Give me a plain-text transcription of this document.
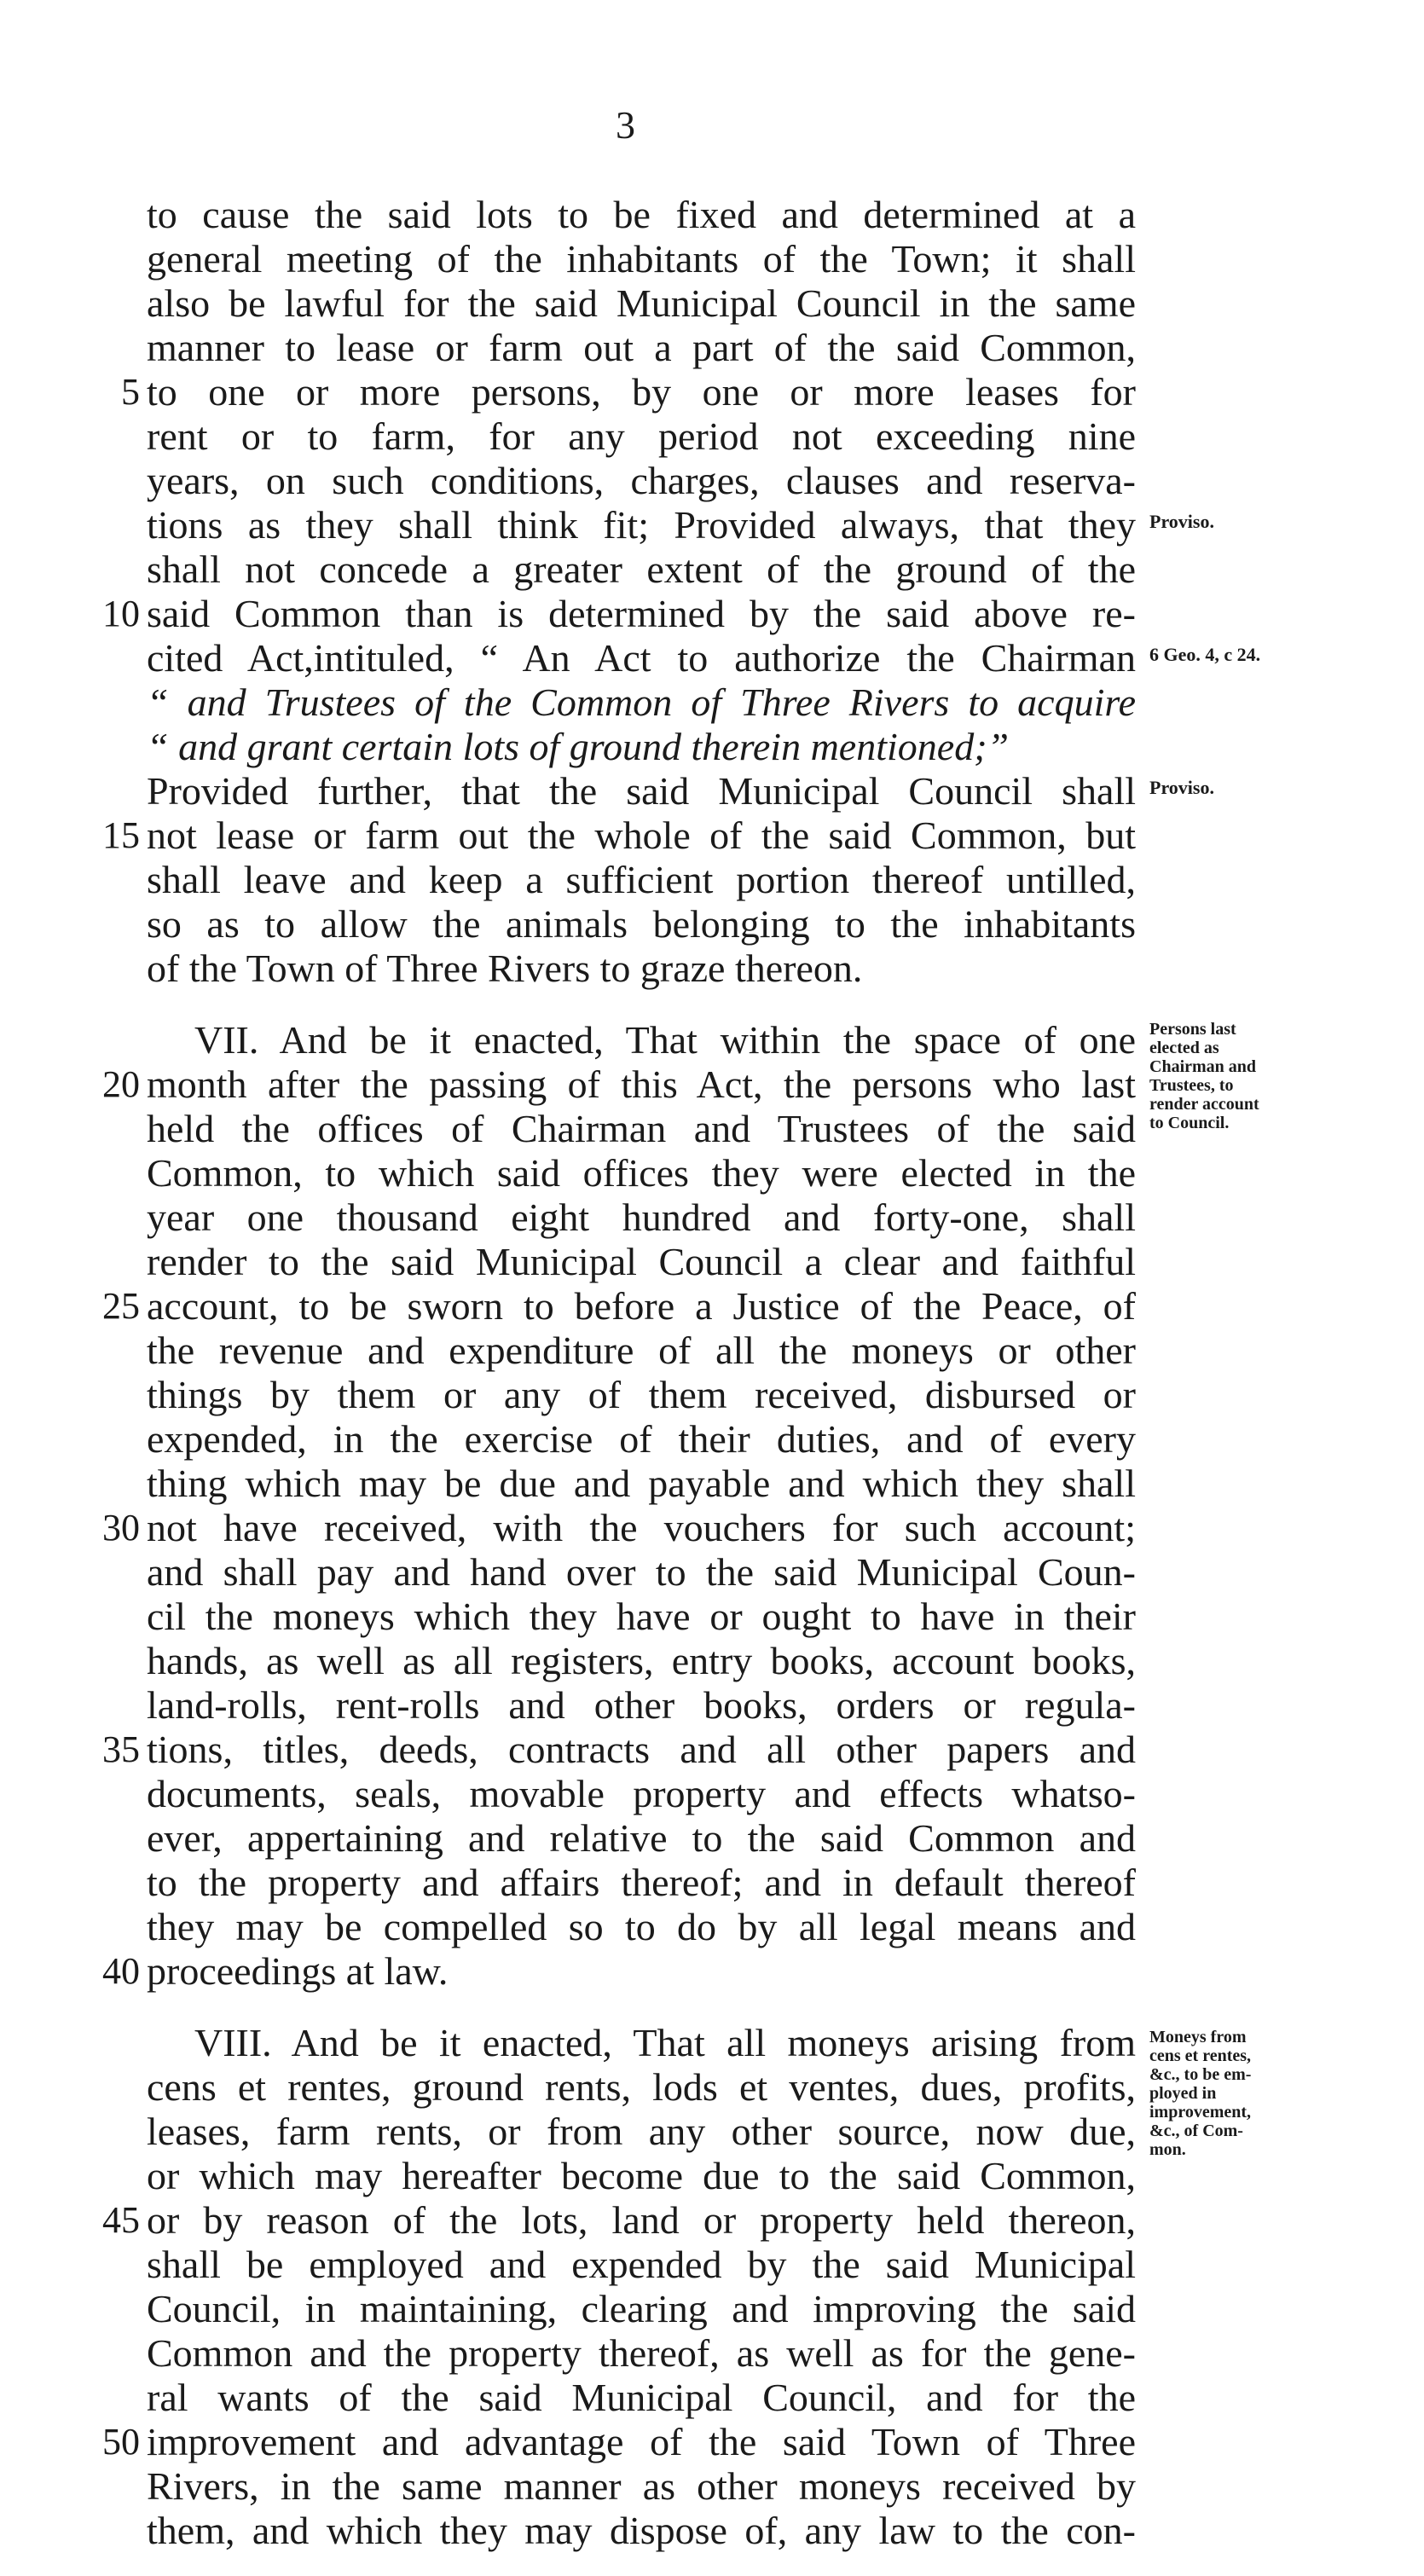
3
to cause the said lots to be fixed and determined at a
general meeting of the inhabitants of the Town; it shall
also be lawful for the said Municipal Council in the same
manner to lease or farm out a part of the said Common,
5 to one or more persons, by one or more leases for
rent or to farm, for any period not exceeding nine
years, on such conditions, charges, clauses and reserva-
tions as they shall think fit; Provided always, that they
shall not concede a greater extent of the ground of the
10 said Common than is determined by the said above re-
cited Act,intituled, “ An Act to authorize the Chairman
“ and Trustees of the Common of Three Rivers to acquire
“ and grant certain lots of ground therein mentioned;”
Provided further, that the said Municipal Council shall
15 not lease or farm out the whole of the said Common, but
shall leave and keep a sufficient portion thereof untilled,
so as to allow the animals belonging to the inhabitants
of the Town of Three Rivers to graze thereon.
VII. And be it enacted, That within the space of one
20 month after the passing of this Act, the persons who last
held the offices of Chairman and Trustees of the said
Common, to which said offices they were elected in the
year one thousand eight hundred and forty-one, shall
render to the said Municipal Council a clear and faithful
25 account, to be sworn to before a Justice of the Peace, of
the revenue and expenditure of all the moneys or other
things by them or any of them received, disbursed or
expended, in the exercise of their duties, and of every
thing which may be due and payable and which they shall
30 not have received, with the vouchers for such account;
and shall pay and hand over to the said Municipal Coun-
cil the moneys which they have or ought to have in their
hands, as well as all registers, entry books, account books,
land-rolls, rent-rolls and other books, orders or regula-
35 tions, titles, deeds, contracts and all other papers and
documents, seals, movable property and effects whatso-
ever, appertaining and relative to the said Common and
to the property and affairs thereof; and in default thereof
they may be compelled so to do by all legal means and
40 proceedings at law.
VIII. And be it enacted, That all moneys arising from
cens et rentes, ground rents, lods et ventes, dues, profits,
leases, farm rents, or from any other source, now due,
or which may hereafter become due to the said Common,
45 or by reason of the lots, land or property held thereon,
shall be employed and expended by the said Municipal
Council, in maintaining, clearing and improving the said
Common and the property thereof, as well as for the gene-
ral wants of the said Municipal Council, and for the
50 improvement and advantage of the said Town of Three
Rivers, in the same manner as other moneys received by
them, and which they may dispose of, any law to the con-
Proviso.
6 Geo. 4, c 24.
Proviso.
Persons last
elected as
Chairman and
Trustees, to
render account
to Council.
Moneys from
cens et rentes,
&c., to be em-
ployed in
improvement,
&c., of Com-
mon.
